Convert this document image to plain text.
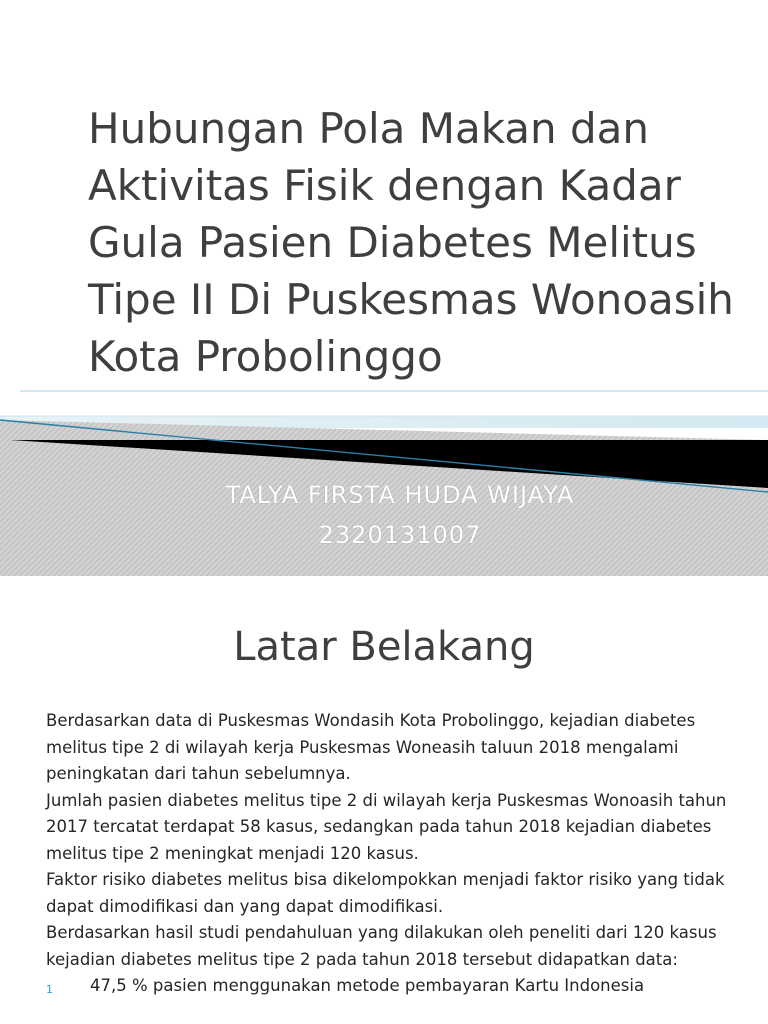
Hubungan Pola Makan dan Aktivitas Fisik dengan Kadar Gula Pasien Diabetes Melitus Tipe II Di Puskesmas Wonoasih Kota Probolinggo
TALYA FIRSTA HUDA WIJAYA
2320131007
Latar Belakang

Berdasarkan data di Puskesmas Wondasih Kota Probolinggo, kejadian diabetes melitus tipe 2 di wilayah kerja Puskesmas Woneasih taluun 2018 mengalami peningkatan dari tahun sebelumnya.

Jumlah pasien diabetes melitus tipe 2 di wilayah kerja Puskesmas Wonoasih tahun 2017 tercatat terdapat 58 kasus, sedangkan pada tahun 2018 kejadian diabetes melitus tipe 2 meningkat menjadi 120 kasus.

Faktor risiko diabetes melitus bisa dikelompokkan menjadi faktor risiko yang tidak dapat dimodifikasi dan yang dapat dimodifikasi.

Berdasarkan hasil studi pendahuluan yang dilakukan oleh peneliti dari 120 kasus kejadian diabetes melitus tipe 2 pada tahun 2018 tersebut didapatkan data:

1 47,5 % pasien menggunakan metode pembayaran Kartu Indonesia
